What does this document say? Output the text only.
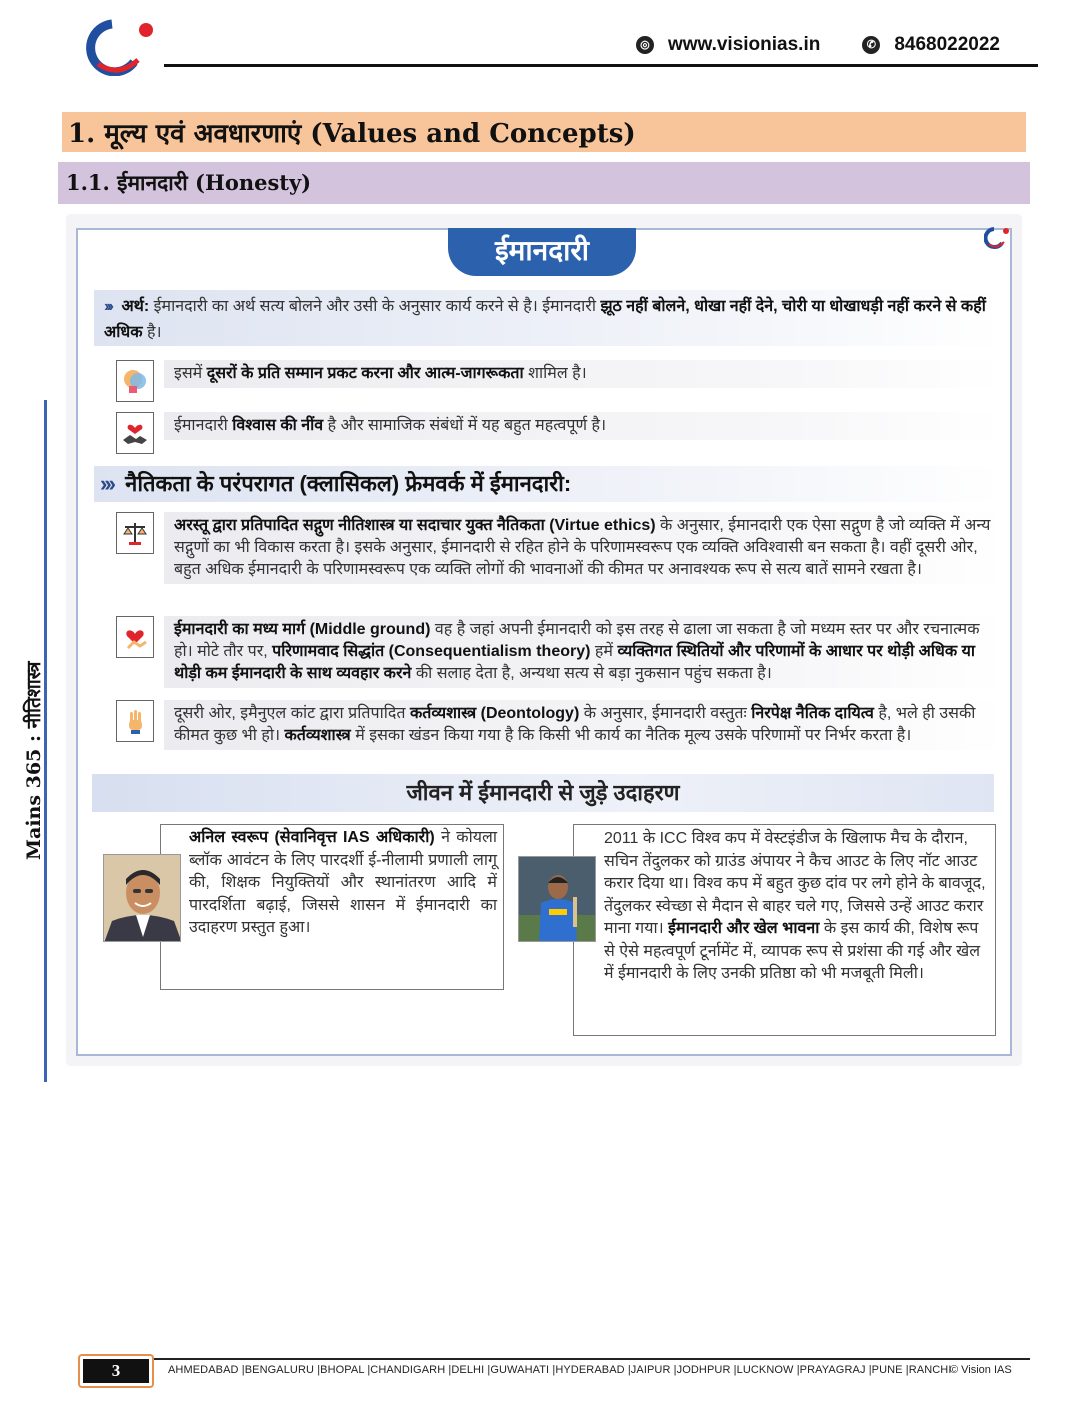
◎ www.visionias.in	✆ 8468022022
1. मूल्य एवं अवधारणाएं (Values and Concepts)
1.1. ईमानदारी (Honesty)
Mains 365 : नीतिशास्त्र
ईमानदारी
››› अर्थ: ईमानदारी का अर्थ सत्य बोलने और उसी के अनुसार कार्य करने से है। ईमानदारी झूठ नहीं बोलने, धोखा नहीं देने, चोरी या धोखाधड़ी नहीं करने से कहीं अधिक है।
इसमें दूसरों के प्रति सम्मान प्रकट करना और आत्म-जागरूकता शामिल है।
ईमानदारी विश्वास की नींव है और सामाजिक संबंधों में यह बहुत महत्वपूर्ण है।
››› नैतिकता के परंपरागत (क्लासिकल) फ्रेमवर्क में ईमानदारी:
अरस्तू द्वारा प्रतिपादित सद्गुण नीतिशास्त्र या सदाचार युक्त नैतिकता (Virtue ethics) के अनुसार, ईमानदारी एक ऐसा सद्गुण है जो व्यक्ति में अन्य सद्गुणों का भी विकास करता है। इसके अनुसार, ईमानदारी से रहित होने के परिणामस्वरूप एक व्यक्ति अविश्वासी बन सकता है। वहीं दूसरी ओर, बहुत अधिक ईमानदारी के परिणामस्वरूप एक व्यक्ति लोगों की भावनाओं की कीमत पर अनावश्यक रूप से सत्य बातें सामने रखता है।
ईमानदारी का मध्य मार्ग (Middle ground) वह है जहां अपनी ईमानदारी को इस तरह से ढाला जा सकता है जो मध्यम स्तर पर और रचनात्मक हो। मोटे तौर पर, परिणामवाद सिद्धांत (Consequentialism theory) हमें व्यक्तिगत स्थितियों और परिणामों के आधार पर थोड़ी अधिक या थोड़ी कम ईमानदारी के साथ व्यवहार करने की सलाह देता है, अन्यथा सत्य से बड़ा नुकसान पहुंच सकता है।
दूसरी ओर, इमैनुएल कांट द्वारा प्रतिपादित कर्तव्यशास्त्र (Deontology) के अनुसार, ईमानदारी वस्तुतः निरपेक्ष नैतिक दायित्व है, भले ही उसकी कीमत कुछ भी हो। कर्तव्यशास्त्र में इसका खंडन किया गया है कि किसी भी कार्य का नैतिक मूल्य उसके परिणामों पर निर्भर करता है।
जीवन में ईमानदारी से जुड़े उदाहरण
अनिल स्वरूप (सेवानिवृत्त IAS अधिकारी) ने कोयला ब्लॉक आवंटन के लिए पारदर्शी ई-नीलामी प्रणाली लागू की, शिक्षक नियुक्तियों और स्थानांतरण आदि में पारदर्शिता बढ़ाई, जिससे शासन में ईमानदारी का उदाहरण प्रस्तुत हुआ।
2011 के ICC विश्व कप में वेस्टइंडीज के खिलाफ मैच के दौरान, सचिन तेंदुलकर को ग्राउंड अंपायर ने कैच आउट के लिए नॉट आउट करार दिया था। विश्व कप में बहुत कुछ दांव पर लगे होने के बावजूद, तेंदुलकर स्वेच्छा से मैदान से बाहर चले गए, जिससे उन्हें आउट करार माना गया। ईमानदारी और खेल भावना के इस कार्य की, विशेष रूप से ऐसे महत्वपूर्ण टूर्नामेंट में, व्यापक रूप से प्रशंसा की गई और खेल में ईमानदारी के लिए उनकी प्रतिष्ठा को भी मजबूती मिली।
3	AHMEDABAD |BENGALURU |BHOPAL |CHANDIGARH |DELHI |GUWAHATI |HYDERABAD |JAIPUR |JODHPUR |LUCKNOW |PRAYAGRAJ |PUNE |RANCHI
© Vision IAS
